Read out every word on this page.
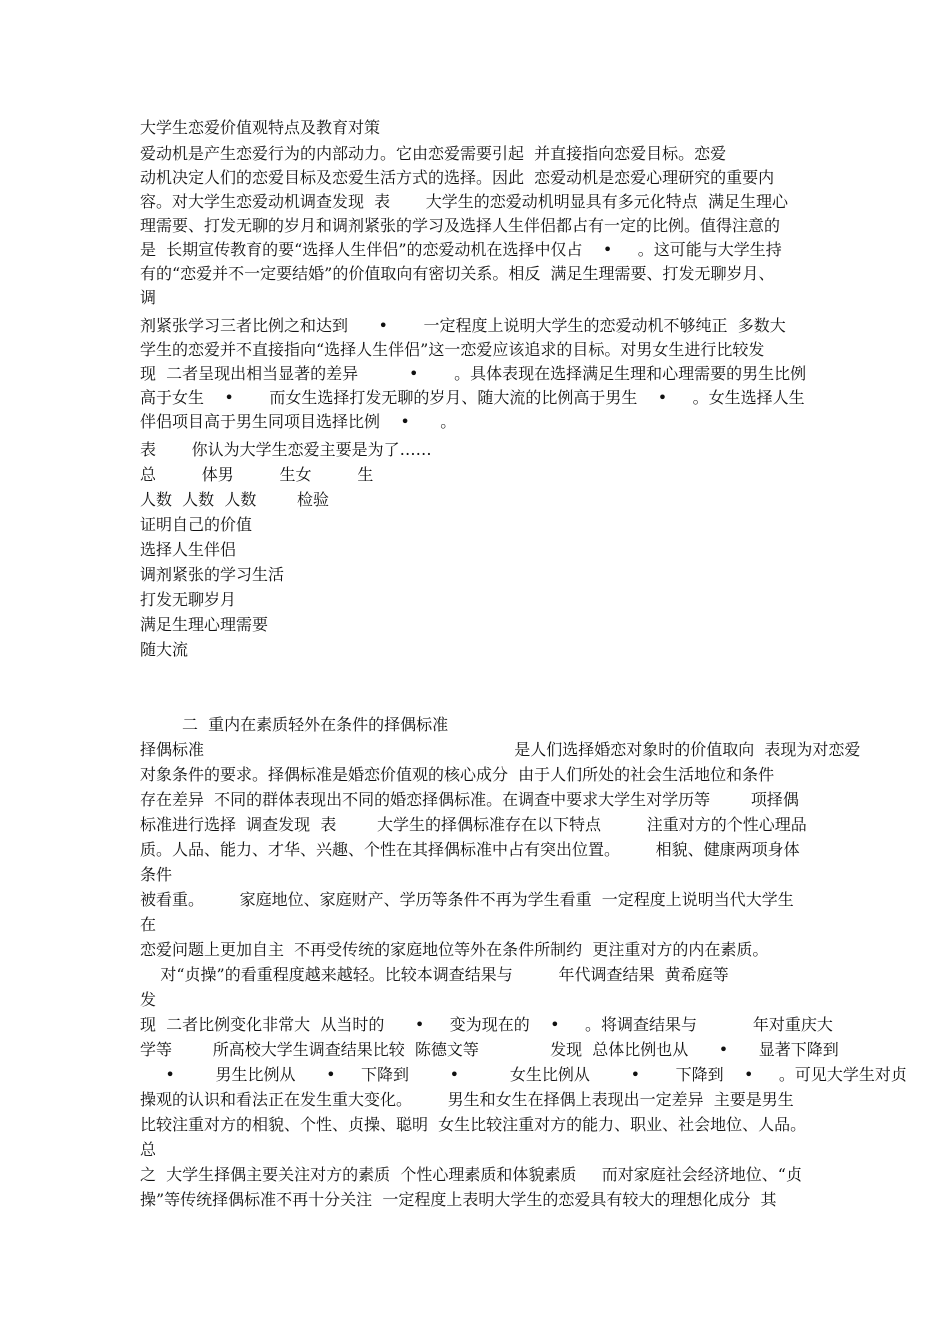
大学生恋爱价值观特点及教育对策
爱动机是产生恋爱行为的内部动力。它由恋爱需要引起  并直接指向恋爱目标。恋爱
动机决定人们的恋爱目标及恋爱生活方式的选择。因此  恋爱动机是恋爱心理研究的重要内
容。对大学生恋爱动机调查发现  表       大学生的恋爱动机明显具有多元化特点  满足生理心
理需要、打发无聊的岁月和调剂紧张的学习及选择人生伴侣都占有一定的比例。值得注意的
是  长期宣传教育的要“选择人生伴侣”的恋爱动机在选择中仅占    •     。这可能与大学生持
有的“恋爱并不一定要结婚”的价值取向有密切关系。相反  满足生理需要、打发无聊岁月、
调
剂紧张学习三者比例之和达到      •       一定程度上说明大学生的恋爱动机不够纯正  多数大
学生的恋爱并不直接指向“选择人生伴侣”这一恋爱应该追求的目标。对男女生进行比较发
现  二者呈现出相当显著的差异          •       。具体表现在选择满足生理和心理需要的男生比例
高于女生    •       而女生选择打发无聊的岁月、随大流的比例高于男生    •     。女生选择人生
伴侣项目高于男生同项目选择比例    •      。
表       你认为大学生恋爱主要是为了……
总         体男         生女         生
人数  人数  人数        检验
证明自己的价值
选择人生伴侣
调剂紧张的学习生活
打发无聊岁月
满足生理心理需要
随大流
二  重内在素质轻外在条件的择偶标准
择偶标准                                                             是人们选择婚恋对象时的价值取向  表现为对恋爱
对象条件的要求。择偶标准是婚恋价值观的核心成分  由于人们所处的社会生活地位和条件
存在差异  不同的群体表现出不同的婚恋择偶标准。在调查中要求大学生对学历等        项择偶
标准进行选择  调查发现  表        大学生的择偶标准存在以下特点         注重对方的个性心理品
质。人品、能力、才华、兴趣、个性在其择偶标准中占有突出位置。       相貌、健康两项身体
条件
被看重。       家庭地位、家庭财产、学历等条件不再为学生看重  一定程度上说明当代大学生
在
恋爱问题上更加自主  不再受传统的家庭地位等外在条件所制约  更注重对方的内在素质。
对“贞操”的看重程度越来越轻。比较本调查结果与         年代调查结果  黄希庭等
发
现  二者比例变化非常大  从当时的      •     变为现在的    •     。将调查结果与           年对重庆大
学等        所高校大学生调查结果比较  陈德文等              发现  总体比例也从      •      显著下降到
•        男生比例从      •     下降到        •          女生比例从        •       下降到    •     。可见大学生对贞
操观的认识和看法正在发生重大变化。       男生和女生在择偶上表现出一定差异  主要是男生
比较注重对方的相貌、个性、贞操、聪明  女生比较注重对方的能力、职业、社会地位、人品。
总
之  大学生择偶主要关注对方的素质  个性心理素质和体貌素质     而对家庭社会经济地位、“贞
操”等传统择偶标准不再十分关注  一定程度上表明大学生的恋爱具有较大的理想化成分  其
